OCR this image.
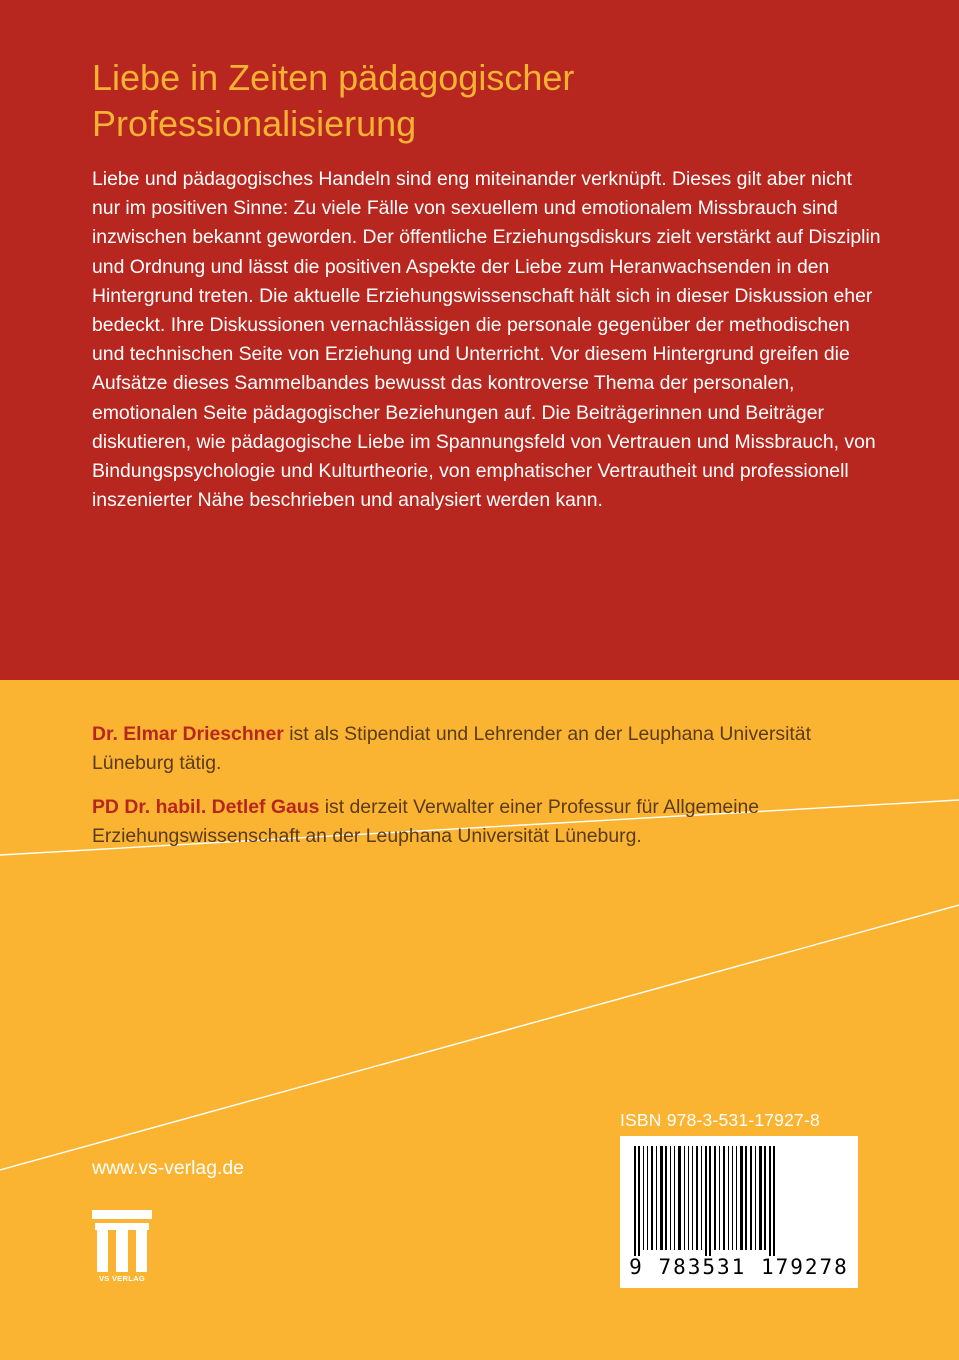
Liebe in Zeiten pädagogischer
Professionalisierung

Liebe und pädagogisches Handeln sind eng miteinander verknüpft. Dieses gilt aber nicht nur im positiven Sinne: Zu viele Fälle von sexuellem und emotionalem Missbrauch sind inzwischen bekannt geworden. Der öffentliche Erziehungsdiskurs zielt verstärkt auf Disziplin und Ordnung und lässt die positiven Aspekte der Liebe zum Heranwachsenden in den Hintergrund treten. Die aktuelle Erziehungswissenschaft hält sich in dieser Diskussion eher bedeckt. Ihre Diskussionen vernachlässigen die personale gegenüber der methodischen und technischen Seite von Erziehung und Unterricht. Vor diesem Hintergrund greifen die Aufsätze dieses Sammelbandes bewusst das kontroverse Thema der personalen, emotionalen Seite pädagogischer Beziehungen auf. Die Beiträgerinnen und Beiträger diskutieren, wie pädagogische Liebe im Spannungsfeld von Vertrauen und Missbrauch, von Bindungspsychologie und Kulturtheorie, von emphatischer Vertrautheit und professionell inszenierter Nähe beschrieben und analysiert werden kann.

Dr. Elmar Drieschner ist als Stipendiat und Lehrender an der Leuphana Universität Lüneburg tätig.

PD Dr. habil. Detlef Gaus ist derzeit Verwalter einer Professur für Allgemeine Erziehungswissenschaft an der Leuphana Universität Lüneburg.

ISBN 978-3-531-17927-8
9 783531 179278
www.vs-verlag.de
VS VERLAG
